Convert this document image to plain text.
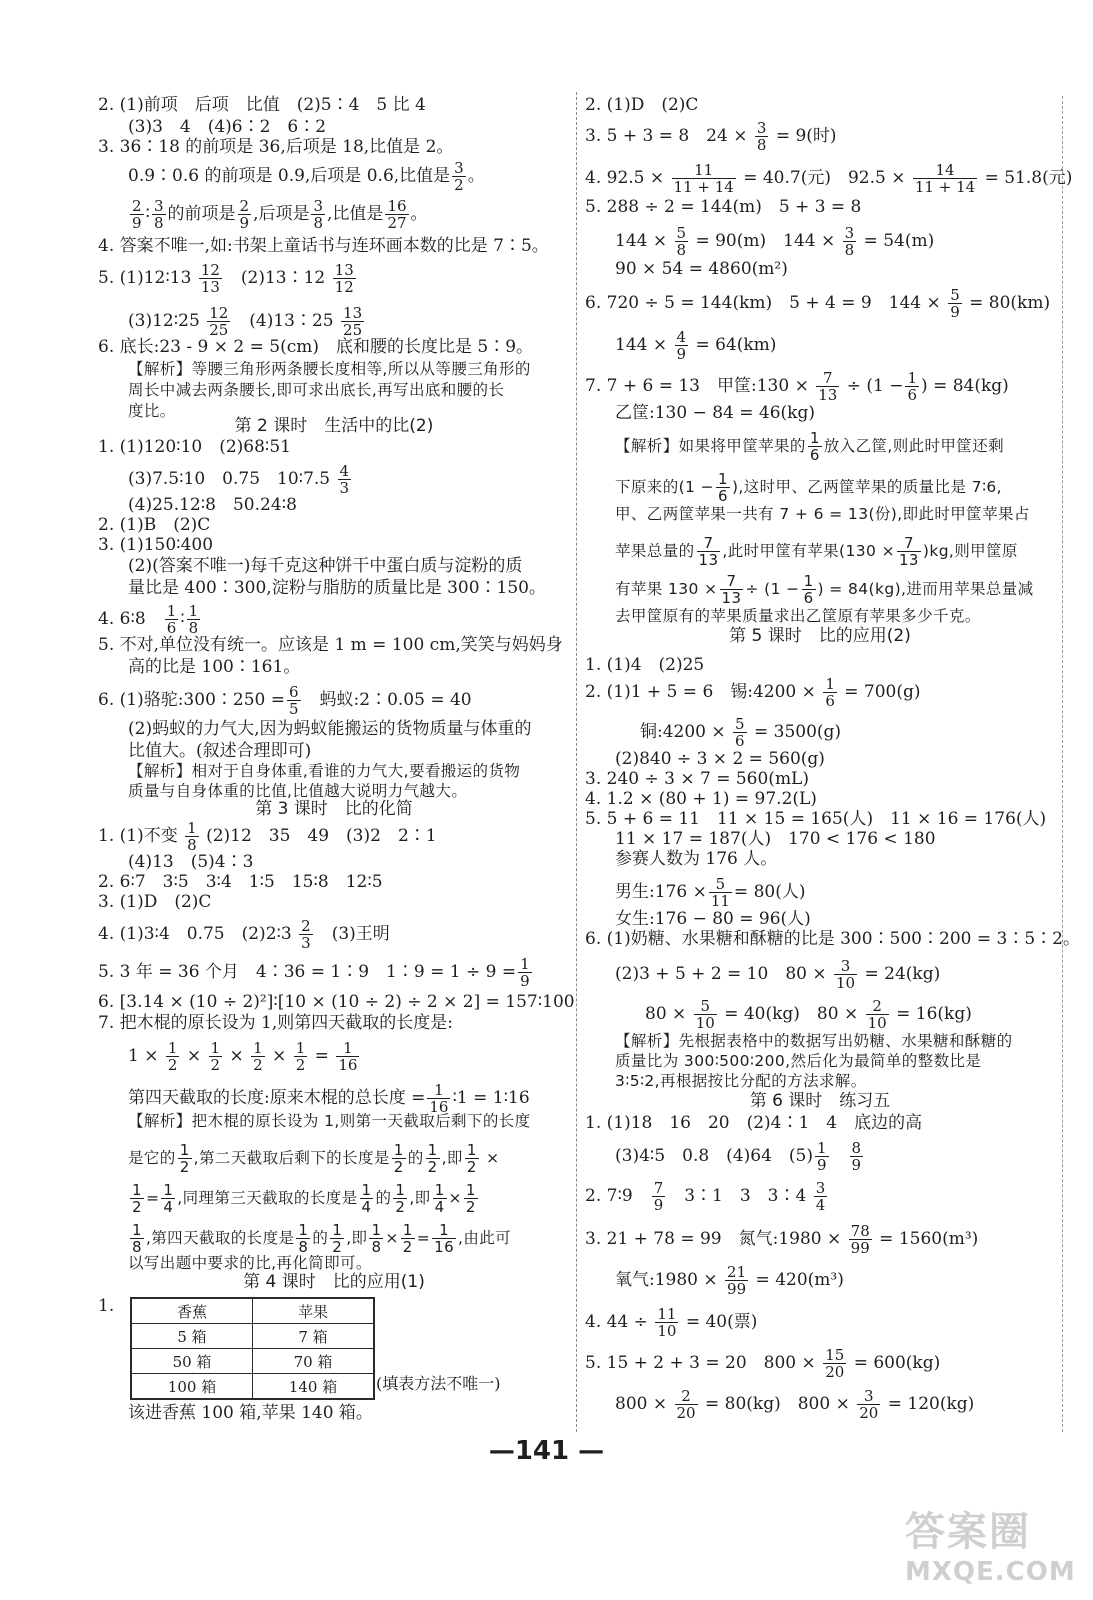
2. (1)前项　后项　比值　(2)5∶4　5 比 4
(3)3　4　(4)6∶2　6∶2
3. 36∶18 的前项是 36,后项是 18,比值是 2。
0.9∶0.6 的前项是 0.9,后项是 0.6,比值是 $\frac{3}{2}$ 。
$\frac{2}{9}$ ∶ $\frac{3}{8}$ 的前项是 $\frac{2}{9}$ ,后项是 $\frac{3}{8}$ ,比值是 $\frac{16}{27}$ 。
4. 答案不唯一,如:书架上童话书与连环画本数的比是 7∶5。
5. (1)12∶13 $\frac{12}{13}$
　 (2)13∶12 $\frac{13}{12}$
(3)12∶25 $\frac{12}{25}$
　 (4)13∶25 $\frac{13}{25}$
6. 底长:23 - 9 × 2 = 5(cm)　底和腰的长度比是 5∶9。
【解析】等腰三角形两条腰长度相等,所以从等腰三角形的
周长中减去两条腰长,即可求出底长,再写出底和腰的长
度比。
第 2 课时　生活中的比(2)
1. (1)120∶10　(2)68∶51
(3)7.5∶10　0.75　10∶7.5 $\frac{4}{3}$
(4)25.12∶8　50.24∶8
2. (1)B　(2)C
3. (1)150∶400
(2)(答案不唯一)每千克这种饼干中蛋白质与淀粉的质
量比是 400∶300,淀粉与脂肪的质量比是 300∶150。
4. 6∶8　 $\frac{1}{6}$ ∶ $\frac{1}{8}$
5. 不对,单位没有统一。应该是 1 m = 100 cm,笑笑与妈妈身
高的比是 100∶161。
6. (1)骆驼:300∶250 = $\frac{6}{5}$
　 蚂蚁:2∶0.05 = 40
(2)蚂蚁的力气大,因为蚂蚁能搬运的货物质量与体重的
比值大。(叙述合理即可)
【解析】相对于自身体重,看谁的力气大,要看搬运的货物
质量与自身体重的比值,比值越大说明力气越大。
第 3 课时　比的化简
1. (1)不变 $\frac{1}{8} (2)12$　35　49　(3)2　2∶1
(4)13　(5)4∶3
2. 6∶7　3∶5　3∶4　1∶5　15∶8　12∶5
3. (1)D　(2)C
4. (1)3∶4　0.75　(2)2∶3 $\frac{2}{3}$
　 (3)王明
5. 3 年 = 36 个月　4∶36 = 1∶9　1∶9 = $1 \div 9 = \frac{1}{9}$
6. [3.14 × (10 ÷ 2)²]∶[10 × (10 ÷ 2) ÷ 2 × 2] = 157∶100
7. 把木棍的原长设为 1,则第四天截取的长度是:
$1 \times \frac{1}{2} \times \frac{1}{2} \times \frac{1}{2} \times \frac{1}{2} = \frac{1}{16}$
第四天截取的长度:原来木棍的总长度 = $\frac{1}{16}$ ∶1 = 1∶16
【解析】把木棍的原长设为 1,则第一天截取后剩下的长度
是它的 $\frac{1}{2}$ ,第二天截取后剩下的长度是 $\frac{1}{2}$ 的 $\frac{1}{2}$ ,即 $\frac{1}{2}$ ×
$\frac{1}{2} = \frac{1}{4}$ ,同理第三天截取的长度是 $\frac{1}{4}$ 的 $\frac{1}{2}$ ,即 $\frac{1}{4} \times \frac{1}{2}$
$\frac{1}{8}$ ,第四天截取的长度是 $\frac{1}{8}$ 的 $\frac{1}{2}$ ,即 $\frac{1}{8} \times \frac{1}{2} = \frac{1}{16}$ ,由此可
以写出题中要求的比,再化简即可。
第 4 课时　比的应用(1)
1.	香蕉	苹果
5 箱	7 箱
50 箱	70 箱
100 箱	140 箱 (填表方法不唯一)
该进香蕉 100 箱,苹果 140 箱。
2. (1)D　(2)C
3. 5 + 3 = 8　$24 \times \frac{3}{8} = 9$(时)
4. $92.5 \times \frac{11}{11 + 14} = 40.7$(元)　$92.5 \times \frac{14}{11 + 14} = 51.8$(元)
5. 288 ÷ 2 = 144(m)　5 + 3 = 8
$144 \times \frac{5}{8} = 90(m)$　$144 \times \frac{3}{8} = 54(m)$
90 × 54 = 4860(m²)
6. 720 ÷ 5 = 144(km)　5 + 4 = 9　$144 \times \frac{5}{9} = 80(km)$
$144 \times \frac{4}{9} = 64(km)$
7. 7 + 6 = 13　甲筐:130 × $\frac{7}{13} \div (1 - \frac{1}{6}$ ) = 84(kg)
乙筐:130 − 84 = 46(kg)
【解析】如果将甲筐苹果的 $\frac{1}{6}$ 放入乙筐,则此时甲筐还剩
下原来的($1 - \frac{1}{6}$ ),这时甲、乙两筐苹果的质量比是 7∶6,
甲、乙两筐苹果一共有 7 + 6 = 13(份),即此时甲筐苹果占
苹果总量的 $\frac{7}{13}$ ,此时甲筐有苹果$(130 \times \frac{7}{13} )kg$,则甲筐原
有苹果 $130 \times \frac{7}{13} \div (1 - \frac{1}{6}$ ) = 84(kg),进而用苹果总量减
去甲筐原有的苹果质量求出乙筐原有苹果多少千克。
第 5 课时　比的应用(2)
1. (1)4　(2)25
2. (1)1 + 5 = 6　锡:4200 × $\frac{1}{6} = 700(g)$
铜:4200 × $\frac{5}{6} = 3500(g)$
(2)840 ÷ 3 × 2 = 560(g)
3. 240 ÷ 3 × 7 = 560(mL)
4. 1.2 × (80 + 1) = 97.2(L)
5. 5 + 6 = 11　11 × 15 = 165(人)　11 × 16 = 176(人)
11 × 17 = 187(人)　170 < 176 < 180
参赛人数为 176 人。
男生:176 × $\frac{5}{11} = 80$(人)
女生:176 − 80 = 96(人)
6. (1)奶糖、水果糖和酥糖的比是 300∶500∶200 = 3∶5∶2。
(2)3 + 5 + 2 = 10　$80 \times \frac{3}{10} = 24(kg)$
$80 \times \frac{5}{10} = 40(kg)$　$80 \times \frac{2}{10} = 16(kg)$
【解析】先根据表格中的数据写出奶糖、水果糖和酥糖的
质量比为 300∶500∶200,然后化为最简单的整数比是
3∶5∶2,再根据按比分配的方法求解。
第 6 课时　练习五
1. (1)18　16　20　(2)4∶1　4　底边的高
(3)4∶5　0.8　(4)64　$(5) \frac{1}{9}$
　 $\frac{8}{9}$
2. 7∶9　 $\frac{7}{9}$
　 3∶1　3　3∶4 $\frac{3}{4}$
3. 21 + 78 = 99　氮气:1980 × $\frac{78}{99} = 1560(m^3)$
氧气:1980 × $\frac{21}{99} = 420(m^3)$
4. $44 \div \frac{11}{10} = 40$(票)
5. 15 + 2 + 3 = 20　$800 \times \frac{15}{20} = 600(kg)$
$800 \times \frac{2}{20} = 80(kg)$　$800 \times \frac{3}{20} = 120(kg)$
—141 —
答案圈
MXQE.COM
